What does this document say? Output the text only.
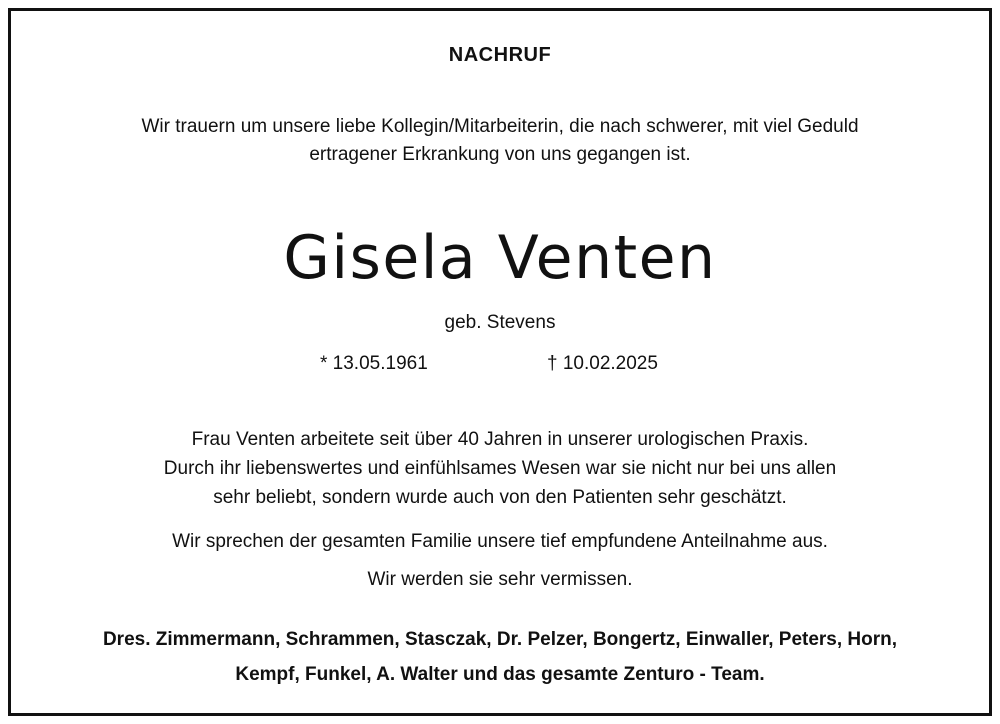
NACHRUF
Wir trauern um unsere liebe Kollegin/Mitarbeiterin, die nach schwerer, mit viel Geduld
ertragener Erkrankung von uns gegangen ist.
Gisela Venten
geb. Stevens
* 13.05.1961	† 10.02.2025
Frau Venten arbeitete seit über 40 Jahren in unserer urologischen Praxis.
Durch ihr liebenswertes und einfühlsames Wesen war sie nicht nur bei uns allen
sehr beliebt, sondern wurde auch von den Patienten sehr geschätzt.
Wir sprechen der gesamten Familie unsere tief empfundene Anteilnahme aus.
Wir werden sie sehr vermissen.
Dres. Zimmermann, Schrammen, Stasczak, Dr. Pelzer, Bongertz, Einwaller, Peters, Horn,
Kempf, Funkel, A. Walter und das gesamte Zenturo - Team.
